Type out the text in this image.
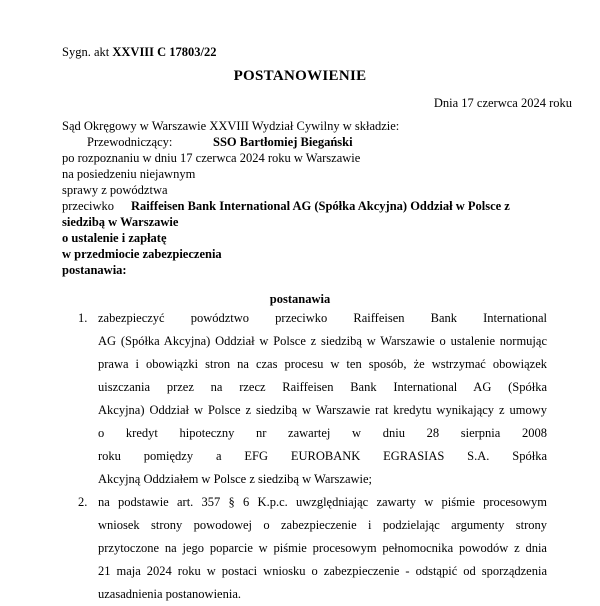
Sygn. akt XXVIII C 17803/22
POSTANOWIENIE
Dnia 17 czerwca 2024 roku
Sąd Okręgowy w Warszawie XXVIII Wydział Cywilny w składzie:
Przewodniczący:	SSO Bartłomiej Biegański
po rozpoznaniu w dniu 17 czerwca 2024 roku w Warszawie
na posiedzeniu niejawnym
sprawy z powództwa
przeciwko Raiffeisen Bank International AG (Spółka Akcyjna) Oddział w Polsce z
siedzibą w Warszawie
o ustalenie i zapłatę
w przedmiocie zabezpieczenia
postanawia:
postanawia
1. zabezpieczyć powództwo przeciwko Raiffeisen Bank International
AG (Spółka Akcyjna) Oddział w Polsce z siedzibą w Warszawie o ustalenie normując
prawa i obowiązki stron na czas procesu w ten sposób, że wstrzymać obowiązek
uiszczania przez na rzecz Raiffeisen Bank International AG (Spółka
Akcyjna) Oddział w Polsce z siedzibą w Warszawie rat kredytu wynikający z umowy
o kredyt hipoteczny nr zawartej w dniu 28 sierpnia 2008
roku pomiędzy a EFG EUROBANK EGRASIAS S.A. Spółka
Akcyjną Oddziałem w Polsce z siedzibą w Warszawie;
2. na podstawie art. 357 § 6 K.p.c. uwzględniając zawarty w piśmie procesowym
wniosek strony powodowej o zabezpieczenie i podzielając argumenty strony
przytoczone na jego poparcie w piśmie procesowym pełnomocnika powodów z dnia
21 maja 2024 roku w postaci wniosku o zabezpieczenie - odstąpić od sporządzenia
uzasadnienia postanowienia.
